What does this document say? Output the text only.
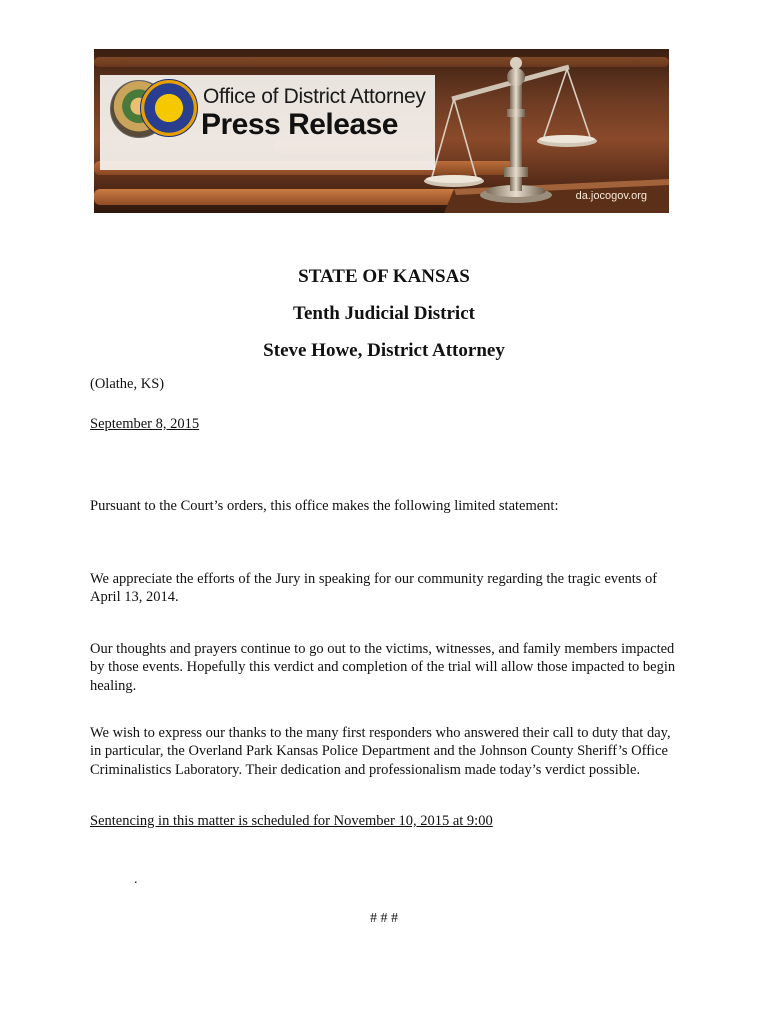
Office of District Attorney
Press Release
da.jocogov.org
STATE OF KANSAS
Tenth Judicial District
Steve Howe, District Attorney
(Olathe, KS)
September 8, 2015
Pursuant to the Court’s orders, this office makes the following limited statement:
We appreciate the efforts of the Jury in speaking for our community regarding the tragic events of April 13, 2014.
Our thoughts and prayers continue to go out to the victims, witnesses, and family members impacted by those events. Hopefully this verdict and completion of the trial will allow those impacted to begin healing.
We wish to express our thanks to the many first responders who answered their call to duty that day, in particular, the Overland Park Kansas Police Department and the Johnson County Sheriff’s Office Criminalistics Laboratory. Their dedication and professionalism made today’s verdict possible.
Sentencing in this matter is scheduled for November 10, 2015 at 9:00
.
# # #
